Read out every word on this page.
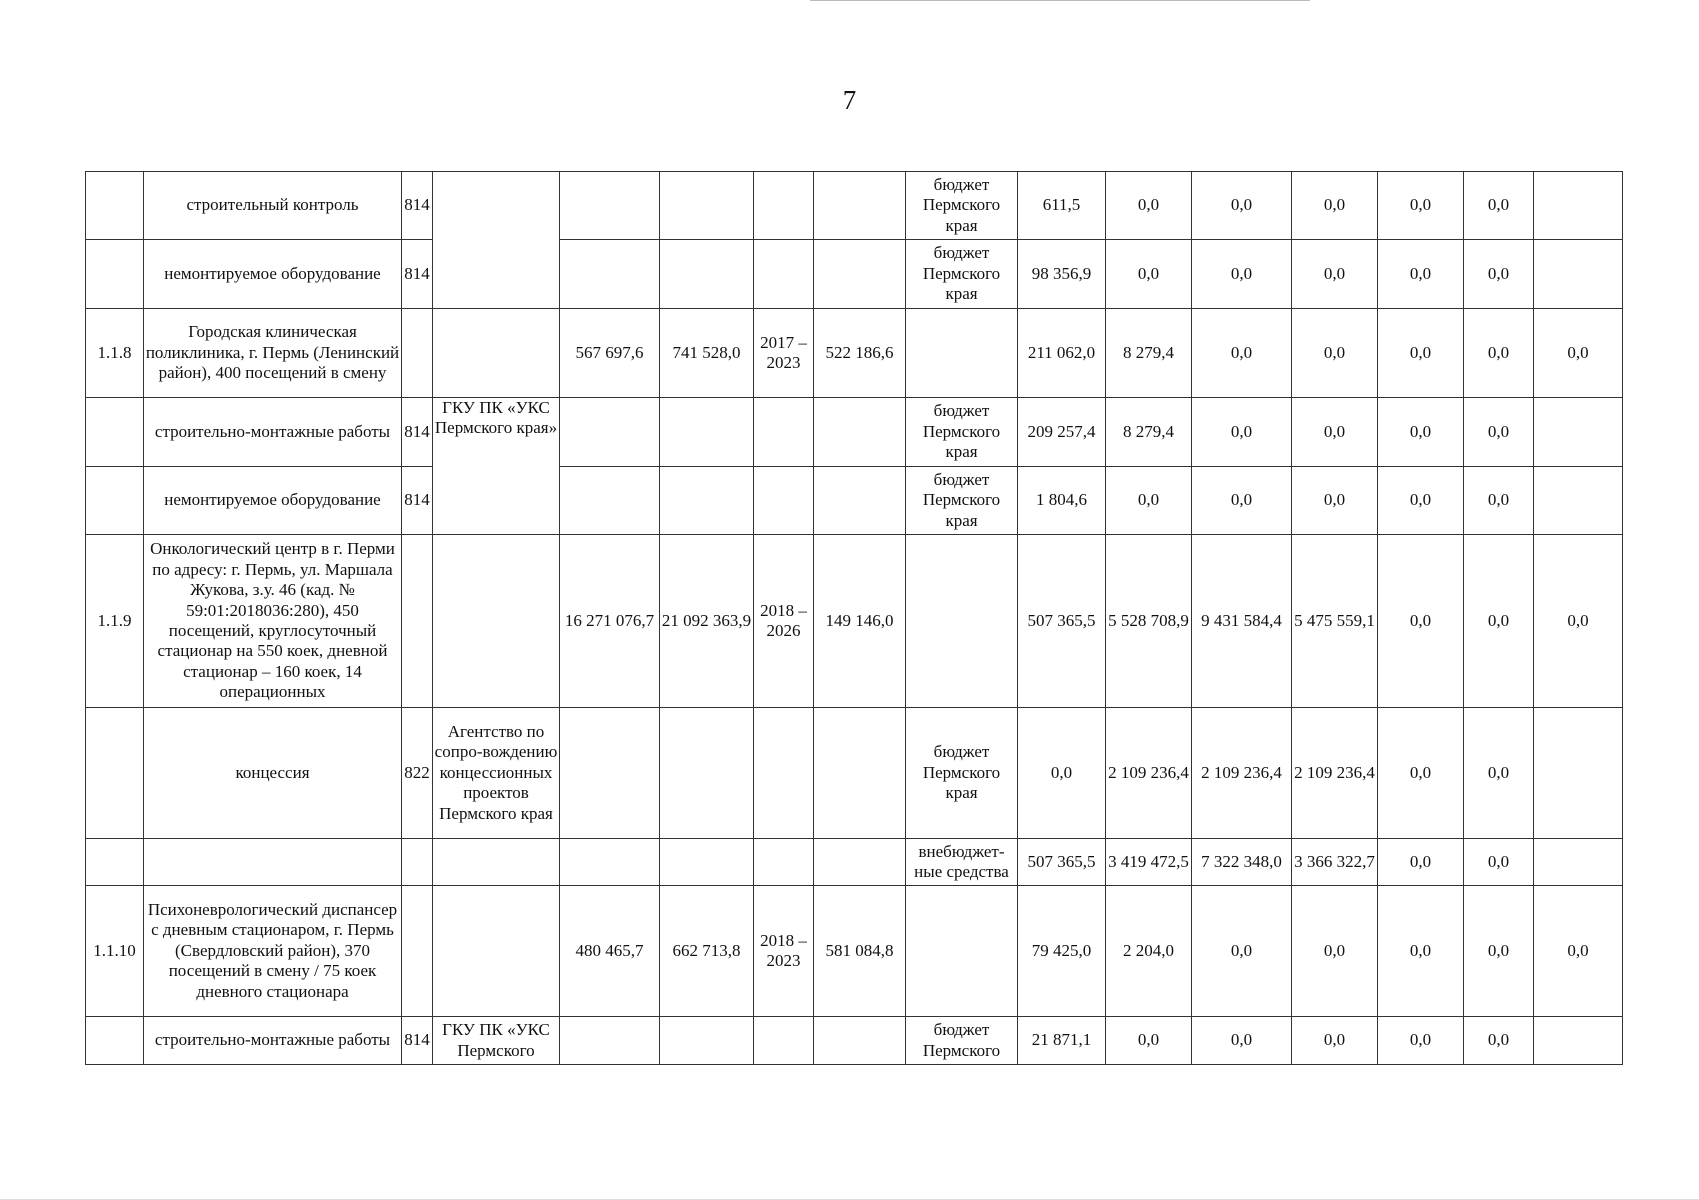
7
	строительный контроль	814						бюджет Пермского края	611,5	0,0	0,0	0,0	0,0	0,0	
	немонтируемое оборудование	814						бюджет Пермского края	98 356,9	0,0	0,0	0,0	0,0	0,0	
1.1.8	Городская клиническая поликлиника, г. Пермь (Ленинский район), 400 посещений в смену			567 697,6	741 528,0	2017 – 2023	522 186,6		211 062,0	8 279,4	0,0	0,0	0,0	0,0	0,0
	строительно-монтажные работы	814	ГКУ ПК «УКС Пермского края»					бюджет Пермского края	209 257,4	8 279,4	0,0	0,0	0,0	0,0	
	немонтируемое оборудование	814						бюджет Пермского края	1 804,6	0,0	0,0	0,0	0,0	0,0	
1.1.9	Онкологический центр в г. Перми по адресу: г. Пермь, ул. Маршала Жукова, з.у. 46 (кад. № 59:01:2018036:280), 450 посещений, круглосуточный стационар на 550 коек, дневной стационар – 160 коек, 14 операционных			16 271 076,7	21 092 363,9	2018 – 2026	149 146,0		507 365,5	5 528 708,9	9 431 584,4	5 475 559,1	0,0	0,0	0,0
	концессия	822	Агентство по сопро-вождению концессионных проектов Пермского края					бюджет Пермского края	0,0	2 109 236,4	2 109 236,4	2 109 236,4	0,0	0,0	
								внебюджет-ные средства	507 365,5	3 419 472,5	7 322 348,0	3 366 322,7	0,0	0,0	
1.1.10	Психоневрологический диспансер с дневным стационаром, г. Пермь (Свердловский район), 370 посещений в смену / 75 коек дневного стационара			480 465,7	662 713,8	2018 – 2023	581 084,8		79 425,0	2 204,0	0,0	0,0	0,0	0,0	0,0
	строительно-монтажные работы	814	ГКУ ПК «УКС Пермского					бюджет Пермского	21 871,1	0,0	0,0	0,0	0,0	0,0	
